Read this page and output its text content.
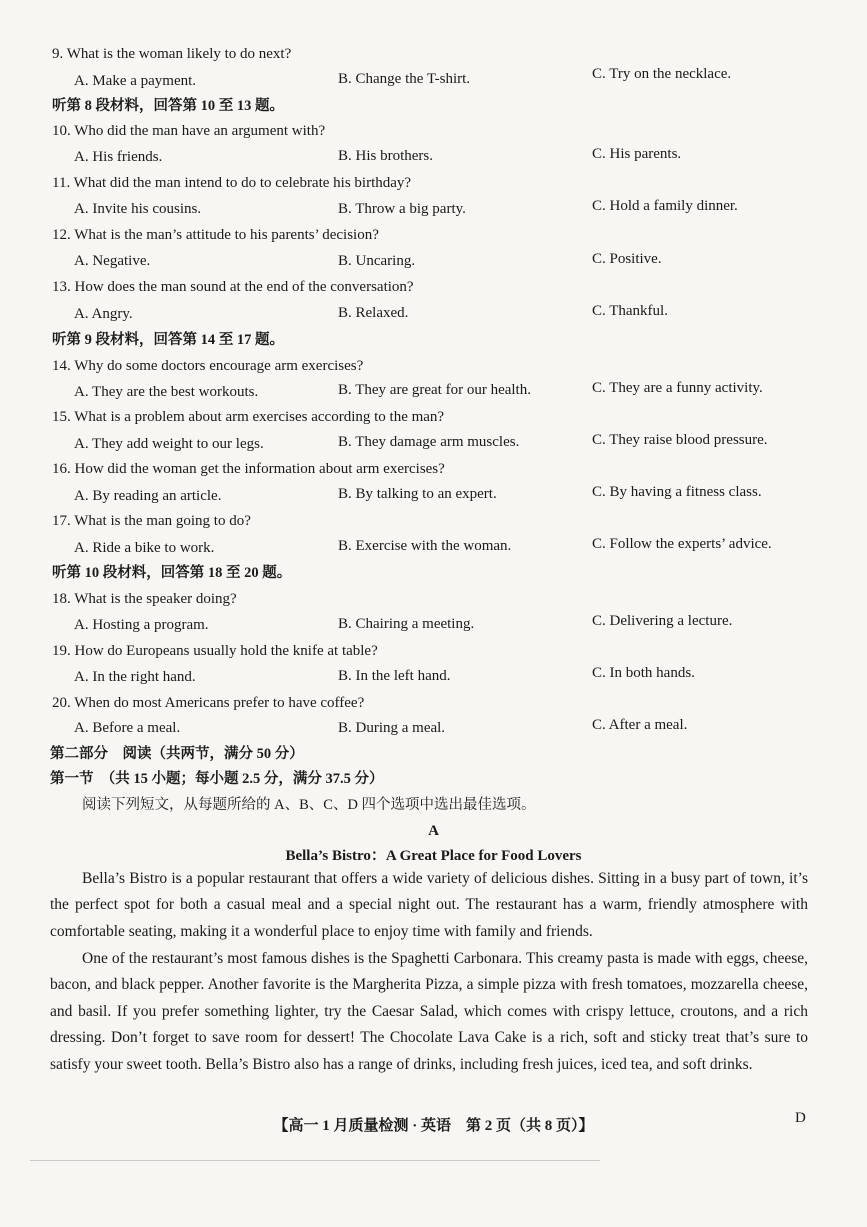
9. What is the woman likely to do next?
A. Make a payment.	B. Change the T-shirt.	C. Try on the necklace.
听第 8 段材料，回答第 10 至 13 题。
10. Who did the man have an argument with?
A. His friends.	B. His brothers.	C. His parents.
11. What did the man intend to do to celebrate his birthday?
A. Invite his cousins.	B. Throw a big party.	C. Hold a family dinner.
12. What is the man’s attitude to his parents’ decision?
A. Negative.	B. Uncaring.	C. Positive.
13. How does the man sound at the end of the conversation?
A. Angry.	B. Relaxed.	C. Thankful.
听第 9 段材料，回答第 14 至 17 题。
14. Why do some doctors encourage arm exercises?
A. They are the best workouts.	B. They are great for our health.	C. They are a funny activity.
15. What is a problem about arm exercises according to the man?
A. They add weight to our legs.	B. They damage arm muscles.	C. They raise blood pressure.
16. How did the woman get the information about arm exercises?
A. By reading an article.	B. By talking to an expert.	C. By having a fitness class.
17. What is the man going to do?
A. Ride a bike to work.	B. Exercise with the woman.	C. Follow the experts’ advice.
听第 10 段材料，回答第 18 至 20 题。
18. What is the speaker doing?
A. Hosting a program.	B. Chairing a meeting.	C. Delivering a lecture.
19. How do Europeans usually hold the knife at table?
A. In the right hand.	B. In the left hand.	C. In both hands.
20. When do most Americans prefer to have coffee?
A. Before a meal.	B. During a meal.	C. After a meal.
第二部分　阅读（共两节，满分 50 分）
第一节　（共 15 小题；每小题 2.5 分，满分 37.5 分）
阅读下列短文，从每题所给的 A、B、C、D 四个选项中选出最佳选项。
A
Bella’s Bistro：A Great Place for Food Lovers
Bella’s Bistro is a popular restaurant that offers a wide variety of delicious dishes. Sitting in a busy part of town, it’s the perfect spot for both a casual meal and a special night out. The restaurant has a warm, friendly atmosphere with comfortable seating, making it a wonderful place to enjoy time with family and friends.
One of the restaurant’s most famous dishes is the Spaghetti Carbonara. This creamy pasta is made with eggs, cheese, bacon, and black pepper. Another favorite is the Margherita Pizza, a simple pizza with fresh tomatoes, mozzarella cheese, and basil. If you prefer something lighter, try the Caesar Salad, which comes with crispy lettuce, croutons, and a rich dressing. Don’t forget to save room for dessert! The Chocolate Lava Cake is a rich, soft and sticky treat that’s sure to satisfy your sweet tooth. Bella’s Bistro also has a range of drinks, including fresh juices, iced tea, and soft drinks.
【高一 1 月质量检测 · 英语　第 2 页（共 8 页）】	D
